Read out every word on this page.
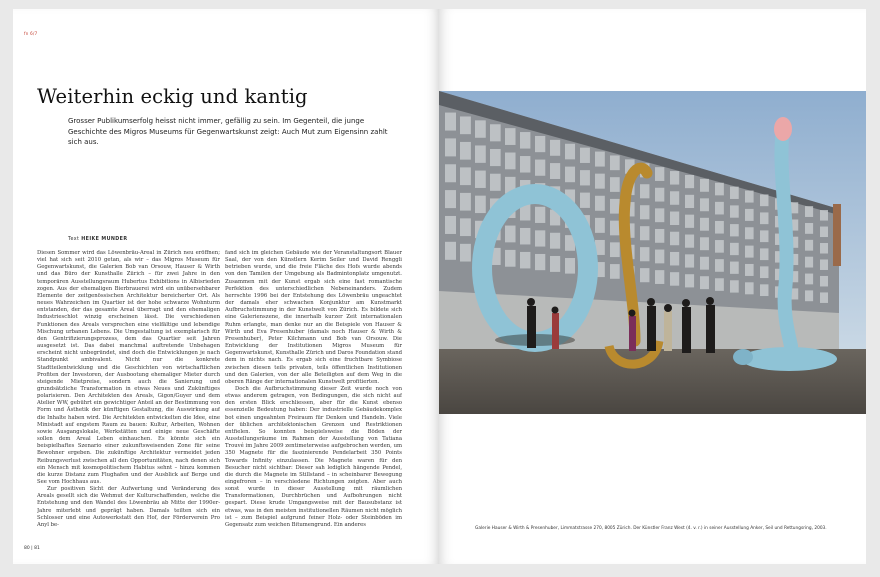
fn 6/7
Weiterhin eckig und kantig

Grosser Publikumserfolg heisst nicht immer, gefällig zu sein. Im Gegenteil, die junge Geschichte des Migros Museums für Gegenwartskunst zeigt: Auch Mut zum Eigensinn zahlt sich aus.

Text HEIKE MUNDER

Diesen Sommer wird das Löwenbräu-Areal in Zürich neu eröffnen; viel hat sich seit 2010 getan, als wir – das Migros Museum für Gegenwartskunst, die Galerien Bob van Orsouw, Hauser & Wirth und das Büro der Kunsthalle Zürich – für zwei Jahre in den temporären Ausstellungsraum Hubertus Exhibitions in Albisrieden zogen. Aus der ehemaligen Bierbrauerei wird ein unübersehbarer Elemente der zeitgenössischen Architektur bereicherter Ort. Als neues Wahrzeichen im Quartier ist der hohe schwarze Wohnturm entstanden, der das gesamte Areal überragt und den ehemaligen Industrieschlot winzig erscheinen lässt. Die verschiedenen Funktionen des Areals versprechen eine vielfältige und lebendige Mischung urbanen Lebens. Die Umgestaltung ist exemplarisch für den Gentrifizierungsprozess, dem das Quartier seit Jahren ausgesetzt ist. Das dabei manchmal auftretende Unbehagen erscheint nicht unbegründet, sind doch die Entwicklungen je nach Standpunkt ambivalent. Nicht nur die konkrete Stadtteilentwicklung und die Geschichten von wirtschaftlichen Profiten der Investoren, der Ausbootung ehemaliger Mieter durch steigende Mietpreise, sondern auch die Sanierung und grundsätzliche Transformation in etwas Neues und Zukünftiges polarisieren. Den Architekten des Areals, Gigon/Guyer und dem Atelier WW, gebührt ein gewichtiger Anteil an der Bestimmung von Form und Ästhetik der künftigen Gestaltung, die Auswirkung auf die Inhalte haben wird. Die Architekten entwickelten die Idee, eine Ministadt auf engstem Raum zu bauen: Kultur, Arbeiten, Wohnen sowie Ausgangslokale, Werkstätten und einige neue Geschäfte sollen dem Areal Leben einhauchen. Es könnte sich ein beispielhaftes Szenario einer zukunftsweisenden Zone für seine Bewohner ergeben. Die zukünftige Architektur vermeidet jeden Reibungsverlust zwischen all den Opportunitäten, nach denen sich ein Mensch mit kosmopolitischem Habitus sehnt – hinzu kommen die kurze Distanz zum Flughafen und der Ausblick auf Berge und See vom Hochhaus aus.

Zur positiven Sicht der Aufwertung und Veränderung des Areals gesellt sich die Wehmut der Kulturschaffenden, welche die Entstehung und den Wandel des Löwenbräu ab Mitte der 1990er-Jahre miterlebt und geprägt haben. Damals teilten sich ein Schlosser und eine Autowerkstatt den Hof, der Förderverein Pro Anyl be-

fand sich im gleichen Gebäude wie der Veranstaltungsort Blauer Saal, der von den Künstlern Kerim Seiler und David Renggli betrieben wurde, und die freie Fläche des Hofs wurde abends von den Tamilen der Umgebung als Badmintonplatz umgenutzt. Zusammen mit der Kunst ergab sich eine fast romantische Perfektion des unterschiedlichen Nebeneinanders. Zudem herrschte 1996 bei der Entstehung des Löwenbräu ungeachtet der damals eher schwachen Konjunktur am Kunstmarkt Aufbruchstimmung in der Kunstwelt von Zürich. Es bildete sich eine Galerienszene, die innerhalb kurzer Zeit internationalen Ruhm erlangte, man denke nur an die Beispiele von Hauser & Wirth und Eva Presenhuber (damals noch Hauser & Wirth & Presenhuber), Peter Kilchmann und Bob van Orsouw. Die Entwicklung der Institutionen Migros Museum für Gegenwartskunst, Kunsthalle Zürich und Daros Foundation stand dem in nichts nach. Es ergab sich eine fruchtbare Symbiose zwischen diesen teils privaten, teils öffentlichen Institutionen und den Galerien, von der alle Beteiligten auf dem Weg in die oberen Ränge der internationalen Kunstwelt profitierten.

Doch die Aufbruchstimmung dieser Zeit wurde noch von etwas anderem getragen, von Bedingungen, die sich nicht auf den ersten Blick erschliessen, aber für die Kunst ebenso essenzielle Bedeutung haben: Der industrielle Gebäudekomplex bot einen ungeahnten Freiraum für Denken und Handeln. Viele der üblichen architektonischen Grenzen und Restriktionen entfielen. So konnten beispielsweise die Böden der Ausstellungsräume im Rahmen der Ausstellung von Tatiana Trouvé im Jahre 2009 zentimeterweise aufgebrochen werden, um 350 Magnete für die faszinierende Pendelarbeit 350 Points Towards Infinity einzulassen. Die Magnete waren für den Besucher nicht sichtbar: Dieser sah lediglich hängende Pendel, die durch die Magnete im Stillstand – in scheinbarer Bewegung eingefroren – in verschiedene Richtungen zeigten. Aber auch sonst wurde in dieser Ausstellung mit räumlichen Transformationen, Durchbrüchen und Aufbohrungen nicht gespart. Diese krude Umgangsweise mit der Bausubstanz ist etwas, was in den meisten institutionellen Räumen nicht möglich ist – zum Beispiel aufgrund feiner Holz- oder Steinböden im Gegensatz zum weichen Bitumengrund. Ein anderes

80 | 81
Galerie Hauser & Wirth & Presenhuber, Limmatstrasse 270, 8005 Zürich. Der Künstler Franz West (4. v. r.) in seiner Ausstellung Anker, Seil und Rettungsring, 2003.
